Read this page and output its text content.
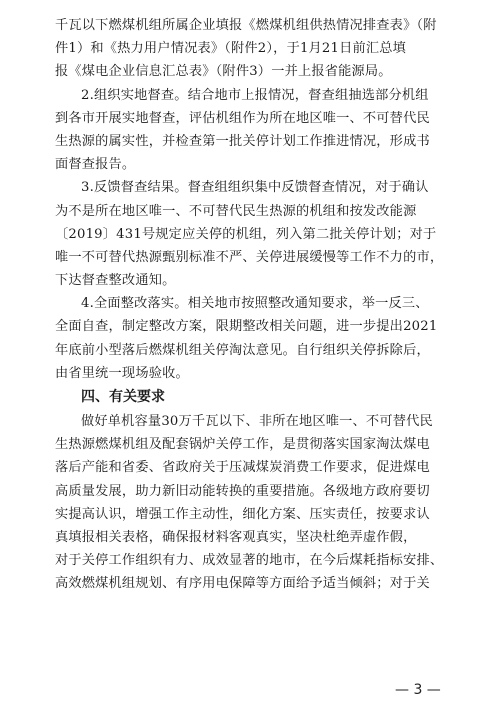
千瓦以下燃煤机组所属企业填报《燃煤机组供热情况排查表》（附
件1）和《热力用户情况表》（附件2），于1月21日前汇总填
报《煤电企业信息汇总表》（附件3）一并上报省能源局。
2.组织实地督查。结合地市上报情况，督查组抽选部分机组
到各市开展实地督查，评估机组作为所在地区唯一、不可替代民
生热源的属实性，并检查第一批关停计划工作推进情况，形成书
面督查报告。
3.反馈督查结果。督查组组织集中反馈督查情况，对于确认
为不是所在地区唯一、不可替代民生热源的机组和按发改能源
〔2019〕431号规定应关停的机组，列入第二批关停计划；对于
唯一不可替代热源甄别标准不严、关停进展缓慢等工作不力的市，
下达督查整改通知。
4.全面整改落实。相关地市按照整改通知要求，举一反三、
全面自查，制定整改方案，限期整改相关问题，进一步提出2021
年底前小型落后燃煤机组关停淘汰意见。自行组织关停拆除后，
由省里统一现场验收。
四、有关要求
做好单机容量30万千瓦以下、非所在地区唯一、不可替代民
生热源燃煤机组及配套锅炉关停工作，是贯彻落实国家淘汰煤电
落后产能和省委、省政府关于压减煤炭消费工作要求，促进煤电
高质量发展，助力新旧动能转换的重要措施。各级地方政府要切
实提高认识，增强工作主动性，细化方案、压实责任，按要求认
真填报相关表格，确保报材料客观真实，坚决杜绝弄虚作假，
对于关停工作组织有力、成效显著的地市，在今后煤耗指标安排、
高效燃煤机组规划、有序用电保障等方面给予适当倾斜；对于关
— 3 —
